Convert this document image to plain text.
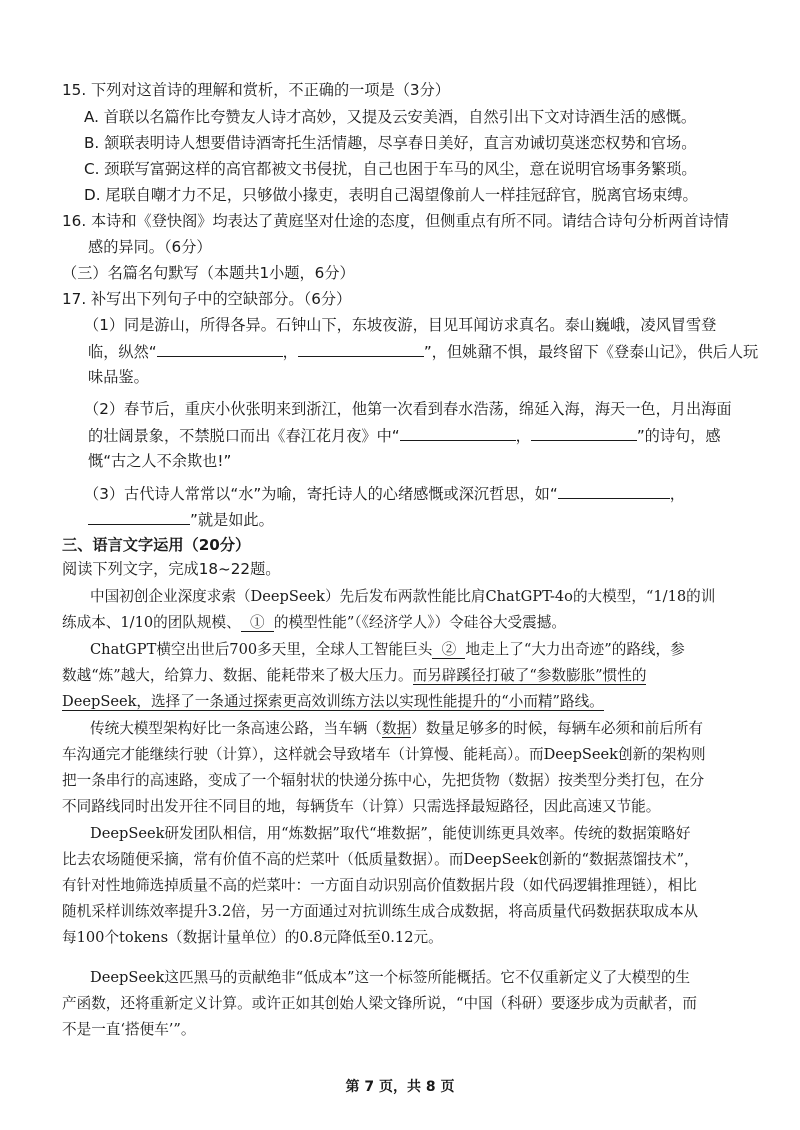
15. 下列对这首诗的理解和赏析，不正确的一项是（3分）
A. 首联以名篇作比夸赞友人诗才高妙，又提及云安美酒，自然引出下文对诗酒生活的感慨。
B. 颔联表明诗人想要借诗酒寄托生活情趣，尽享春日美好，直言劝诫切莫迷恋权势和官场。
C. 颈联写富弼这样的高官都被文书侵扰，自己也困于车马的风尘，意在说明官场事务繁琐。
D. 尾联自嘲才力不足，只够做小掾吏，表明自己渴望像前人一样挂冠辞官，脱离官场束缚。
16. 本诗和《登快阁》均表达了黄庭坚对仕途的态度，但侧重点有所不同。请结合诗句分析两首诗情
感的异同。（6分）
（三）名篇名句默写（本题共1小题，6分）
17. 补写出下列句子中的空缺部分。（6分）
（1）同是游山，所得各异。石钟山下，东坡夜游，目见耳闻访求真名。泰山巍峨，凌风冒雪登
临，纵然“	，	”，但姚鼐不惧，最终留下《登泰山记》，供后人玩
味品鉴。
（2）春节后，重庆小伙张明来到浙江，他第一次看到春水浩荡，绵延入海，海天一色，月出海面
的壮阔景象，不禁脱口而出《春江花月夜》中“	，	”的诗句，感
慨“古之人不余欺也!”
（3）古代诗人常常以“水”为喻，寄托诗人的心绪感慨或深沉哲思，如“	，
”就是如此。
三、语言文字运用（20分）
阅读下列文字，完成18~22题。
中国初创企业深度求索（DeepSeek）先后发布两款性能比肩ChatGPT-4o的大模型，“1/18的训
练成本、1/10的团队规模、 ① 的模型性能”（《经济学人》）令硅谷大受震撼。
ChatGPT横空出世后700多天里，全球人工智能巨头 ② 地走上了“大力出奇迹”的路线，参
数越“炼”越大，给算力、数据、能耗带来了极大压力。而另辟蹊径打破了“参数膨胀”惯性的
DeepSeek，选择了一条通过探索更高效训练方法以实现性能提升的“小而精”路线。
传统大模型架构好比一条高速公路，当车辆（数据）数量足够多的时候，每辆车必须和前后所有
车沟通完才能继续行驶（计算），这样就会导致堵车（计算慢、能耗高）。而DeepSeek创新的架构则
把一条串行的高速路，变成了一个辐射状的快递分拣中心，先把货物（数据）按类型分类打包，在分
不同路线同时出发开往不同目的地，每辆货车（计算）只需选择最短路径，因此高速又节能。
DeepSeek研发团队相信，用“炼数据”取代“堆数据”，能使训练更具效率。传统的数据策略好
比去农场随便采摘，常有价值不高的烂菜叶（低质量数据）。而DeepSeek创新的“数据蒸馏技术”，
有针对性地筛选掉质量不高的烂菜叶：一方面自动识别高价值数据片段（如代码逻辑推理链），相比
随机采样训练效率提升3.2倍，另一方面通过对抗训练生成合成数据，将高质量代码数据获取成本从
每100个tokens（数据计量单位）的0.8元降低至0.12元。
DeepSeek这匹黑马的贡献绝非“低成本”这一个标签所能概括。它不仅重新定义了大模型的生
产函数，还将重新定义计算。或许正如其创始人梁文锋所说，“中国（科研）要逐步成为贡献者，而
不是一直‘搭便车’”。
第 7 页，共 8 页
